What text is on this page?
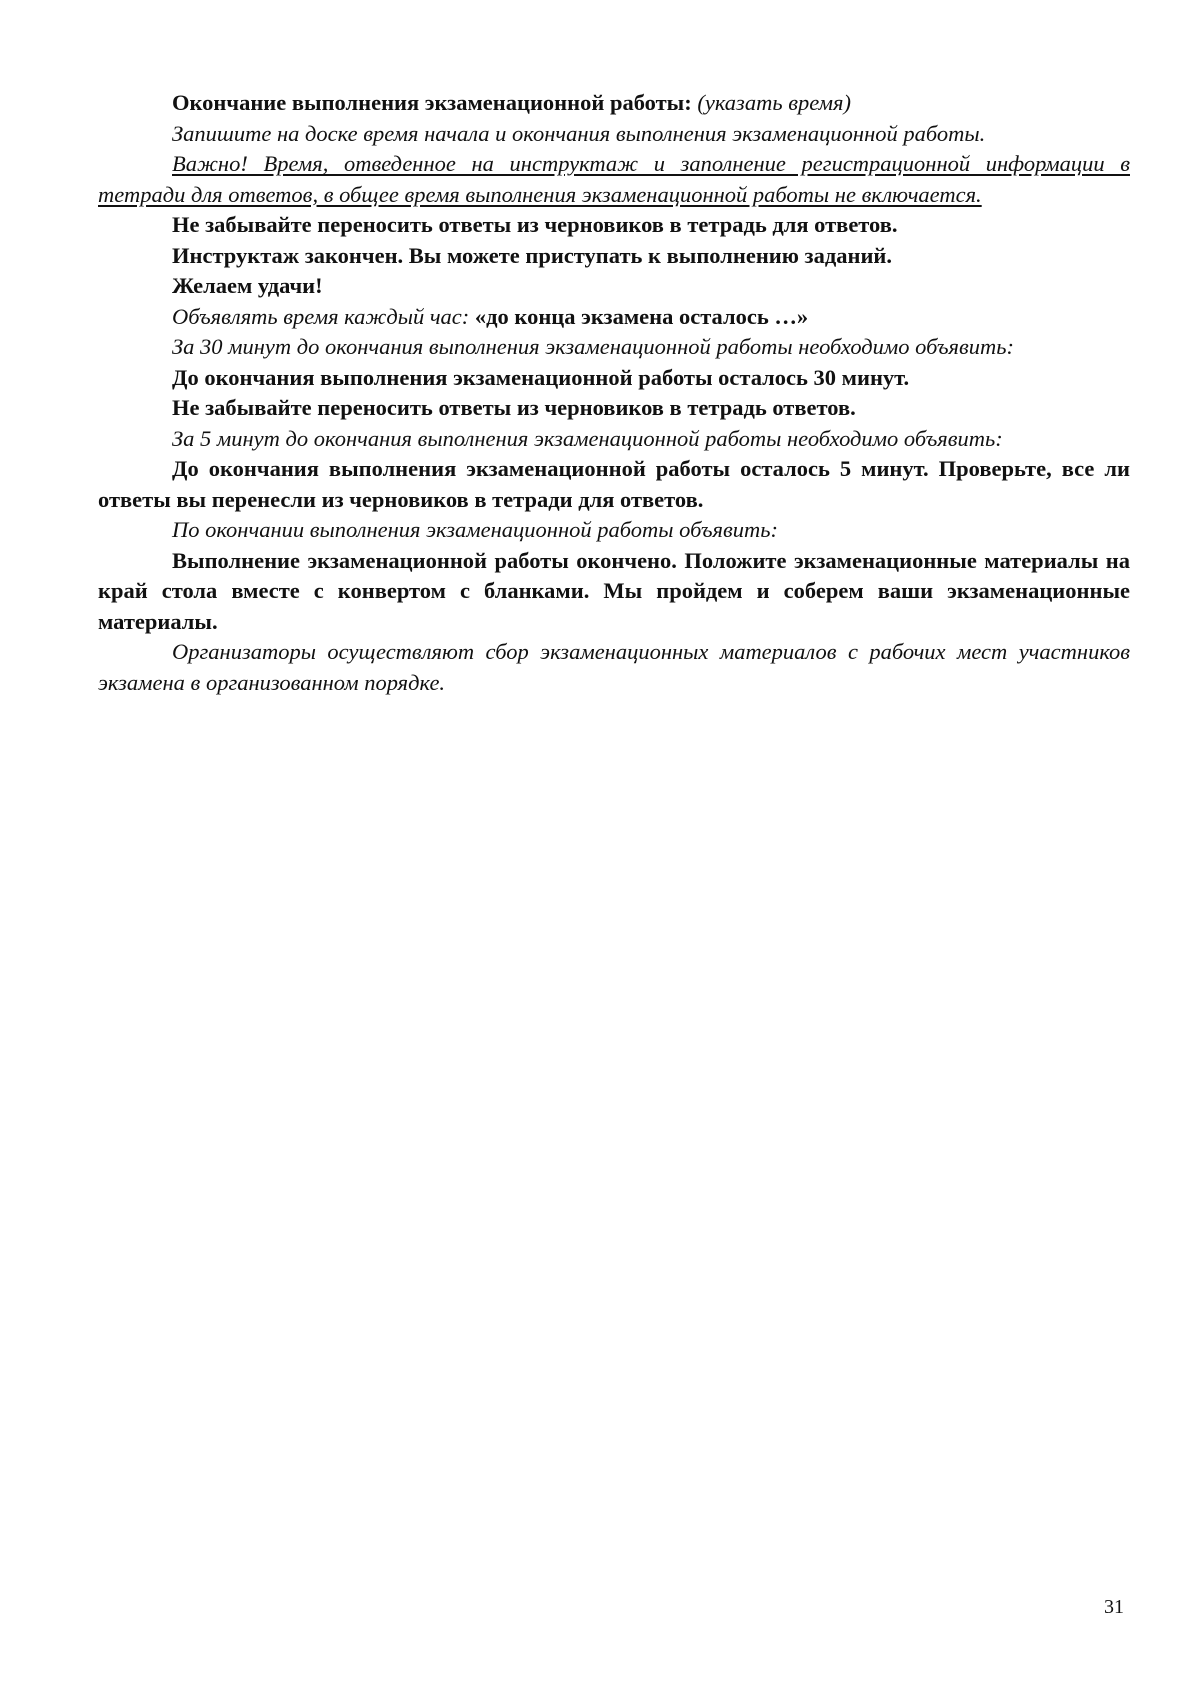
Окончание выполнения экзаменационной работы: (указать время)

Запишите на доске время начала и окончания выполнения экзаменационной работы.

Важно! Время, отведенное на инструктаж и заполнение регистрационной информации в тетради для ответов, в общее время выполнения экзаменационной работы не включается.

Не забывайте переносить ответы из черновиков в тетрадь для ответов.

Инструктаж закончен. Вы можете приступать к выполнению заданий.

Желаем удачи!

Объявлять время каждый час: «до конца экзамена осталось …»

За 30 минут до окончания выполнения экзаменационной работы необходимо объявить:

До окончания выполнения экзаменационной работы осталось 30 минут.

Не забывайте переносить ответы из черновиков в тетрадь ответов.

За 5 минут до окончания выполнения экзаменационной работы необходимо объявить:

До окончания выполнения экзаменационной работы осталось 5 минут. Проверьте, все ли ответы вы перенесли из черновиков в тетради для ответов.

По окончании выполнения экзаменационной работы объявить:

Выполнение экзаменационной работы окончено. Положите экзаменационные материалы на край стола вместе с конвертом с бланками. Мы пройдем и соберем ваши экзаменационные материалы.

Организаторы осуществляют сбор экзаменационных материалов с рабочих мест участников экзамена в организованном порядке.

31
